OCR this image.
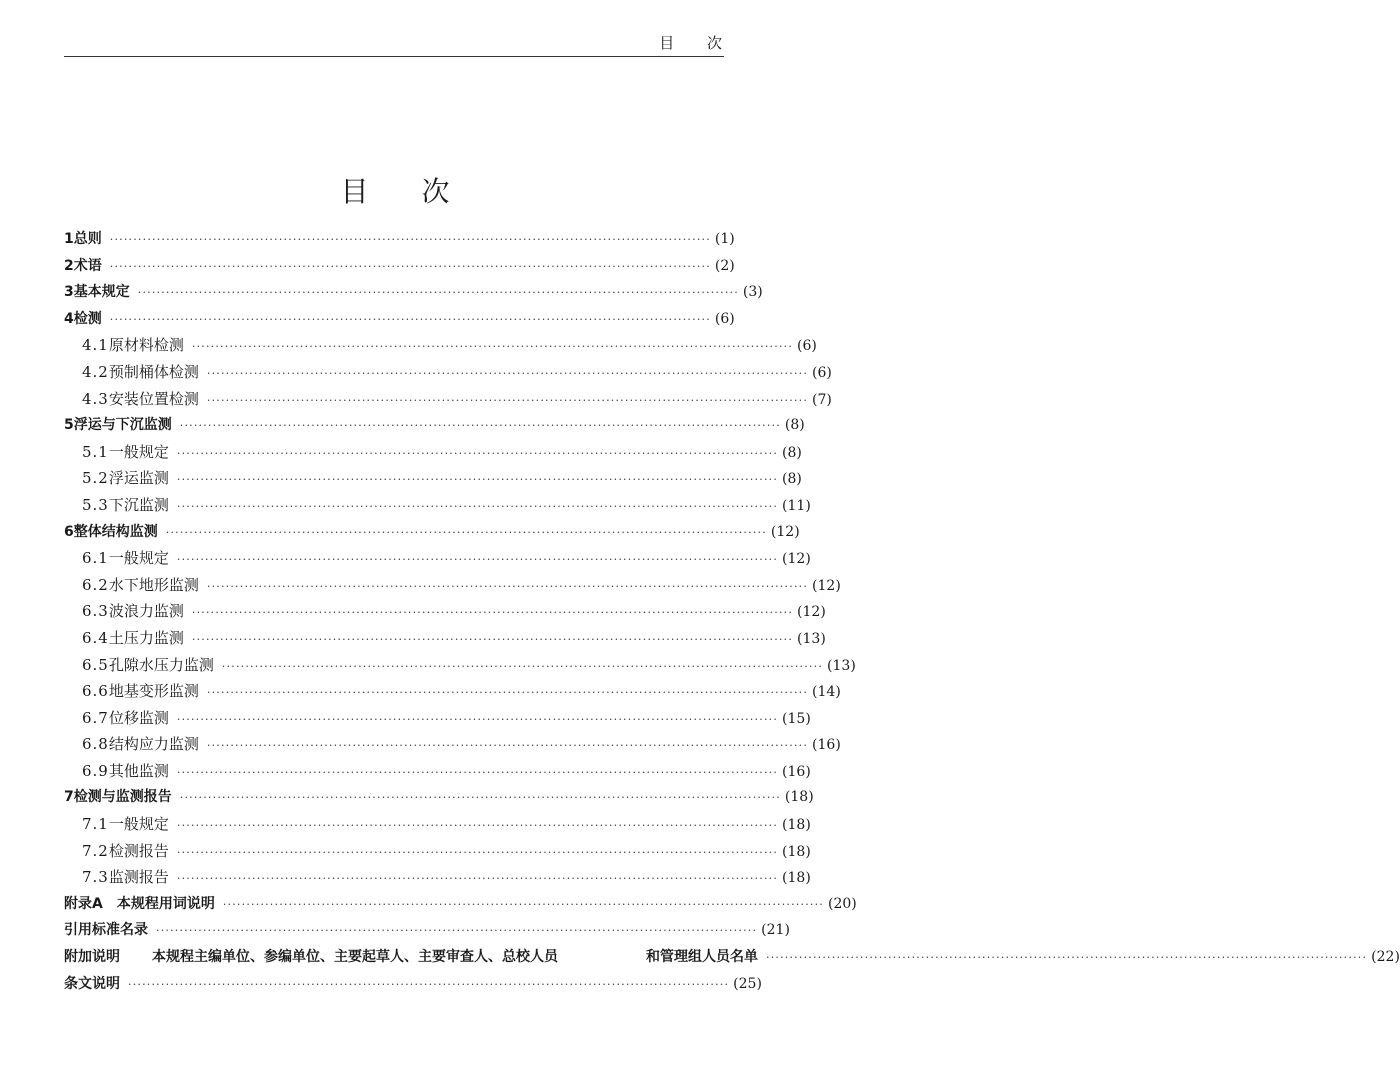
目 次
目 次
1 总则 ·····	(1)
2 术语 ·····	(2)
3 基本规定 ·····	(3)
4 检测 ·····	(6)
4.1 原材料检测 ·····	(6)
4.2 预制桶体检测 ·····	(6)
4.3 安装位置检测 ·····	(7)
5 浮运与下沉监测 ·····	(8)
5.1 一般规定 ·····	(8)
5.2 浮运监测 ·····	(8)
5.3 下沉监测 ·····	(11)
6 整体结构监测 ·····	(12)
6.1 一般规定 ·····	(12)
6.2 水下地形监测 ·····	(12)
6.3 波浪力监测 ·····	(12)
6.4 土压力监测 ·····	(13)
6.5 孔隙水压力监测 ·····	(13)
6.6 地基变形监测 ·····	(14)
6.7 位移监测 ·····	(15)
6.8 结构应力监测 ·····	(16)
6.9 其他监测 ·····	(16)
7 检测与监测报告 ·····	(18)
7.1 一般规定 ·····	(18)
7.2 检测报告 ·····	(18)
7.3 监测报告 ·····	(18)
附录A　本规程用词说明 ·····	(20)
引用标准名录 ·····	(21)
附加说明	本规程主编单位、参编单位、主要起草人、主要审查人、总校人员	和管理组人员名单 ·····	(22)
条文说明 ·····	(25)
